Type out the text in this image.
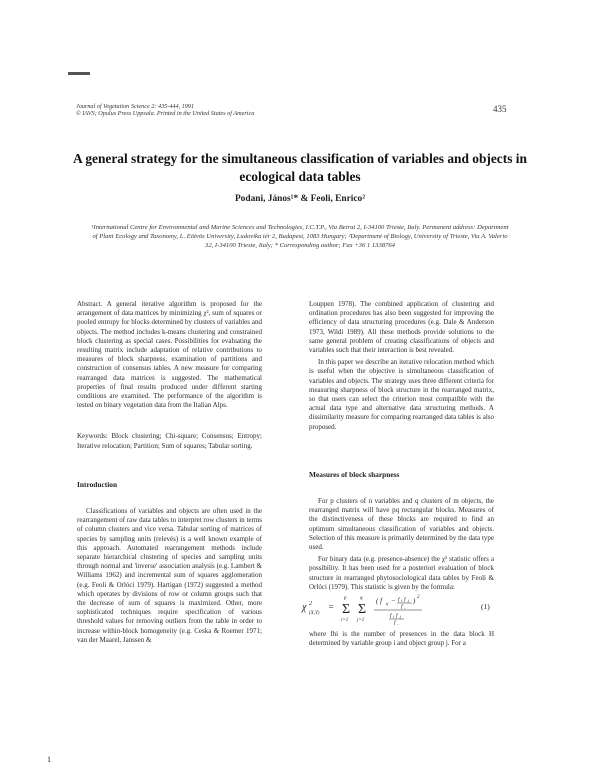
Journal of Vegetation Science 2: 435-444, 1991
© IAVS; Opulus Press Uppsala. Printed in the United States of America	435
A general strategy for the simultaneous classification of variables and objects in ecological data tables
Podani, János¹* & Feoli, Enrico²
¹International Centre for Environmental and Marine Sciences and Technologies, I.C.T.P., Via Beirut 2, I-34100 Trieste, Italy. Permanent address: Department of Plant Ecology and Taxonomy, L. Eötvös University, Ludovika tér 2, Budapest, 1083 Hungary; ²Department of Biology, University of Trieste, Via A. Valerio 32, I-34100 Trieste, Italy; * Corresponding author; Fax +36 1 1338764

Abstract. A general iterative algorithm is proposed for the arrangement of data matrices by minimizing χ², sum of squares or pooled entropy for blocks determined by clusters of variables and objects. The method includes k-means clustering and constrained block clustering as special cases. Possibilities for evaluating the resulting matrix include adaptation of relative contributions to measures of block sharpness, examination of partitions and construction of consensus tables. A new measure for comparing rearranged data matrices is suggested. The mathematical properties of final results produced under different starting conditions are examined. The performance of the algorithm is tested on binary vegetation data from the Italian Alps.

Keywords: Block clustering; Chi-square; Consensus; Entropy; Iterative relocation; Partition; Sum of squares; Tabular sorting.

Introduction

Classifications of variables and objects are often used in the rearrangement of raw data tables to interpret row clusters in terms of column clusters and vice versa. Tabular sorting of matrices of species by sampling units (relevés) is a well known example of this approach. Automated rearrangement methods include separate hierarchical clustering of species and sampling units through normal and 'inverse' association analysis (e.g. Lambert & Williams 1962) and incremental sum of squares agglomeration (e.g. Feoli & Orlóci 1979). Hartigan (1972) suggested a method which operates by divisions of row or column groups such that the decrease of sum of squares is maximized. Other, more sophisticated techniques require specification of various threshold values for removing outliers from the table in order to increase within-block homogeneity (e.g. Ceska & Roemer 1971; van der Maarel, Janssen &

Louppen 1978). The combined application of clustering and ordination procedures has also been suggested for improving the efficiency of data structuring procedures (e.g. Dale & Anderson 1973, Wildi 1989). All these methods provide solutions to the same general problem of creating classifications of objects and variables such that their interaction is best revealed.

In this paper we describe an iterative relocation method which is useful when the objective is simultaneous classification of variables and objects. The strategy uses three different criteria for measuring sharpness of block structure in the rearranged matrix, so that users can select the criterion most compatible with the actual data type and alternative data structuring methods. A dissimilarity measure for comparing rearranged data tables is also proposed.

Measures of block sharpness

For p clusters of n variables and q clusters of m objects, the rearranged matrix will have pq rectangular blocks. Measures of the distinctiveness of these blocks are required to find an optimum simultaneous classification of variables and objects. Selection of this measure is primarily determined by the data type used.

For binary data (e.g. presence-absence) the χ² statistic offers a possibility. It has been used for a posteriori evaluation of block structure in rearranged phytosociological data tables by Feoli & Orlóci (1979). This statistic is given by the formula:

χ 2
(X,Y)
= Σ
p
i=1
Σ
q
j=1
( f ij − f i. f .j
f ..
) 2
f i. f .j
f ..
(1)

where fhi is the number of presences in the data block H determined by variable group i and object group j. For a

1
